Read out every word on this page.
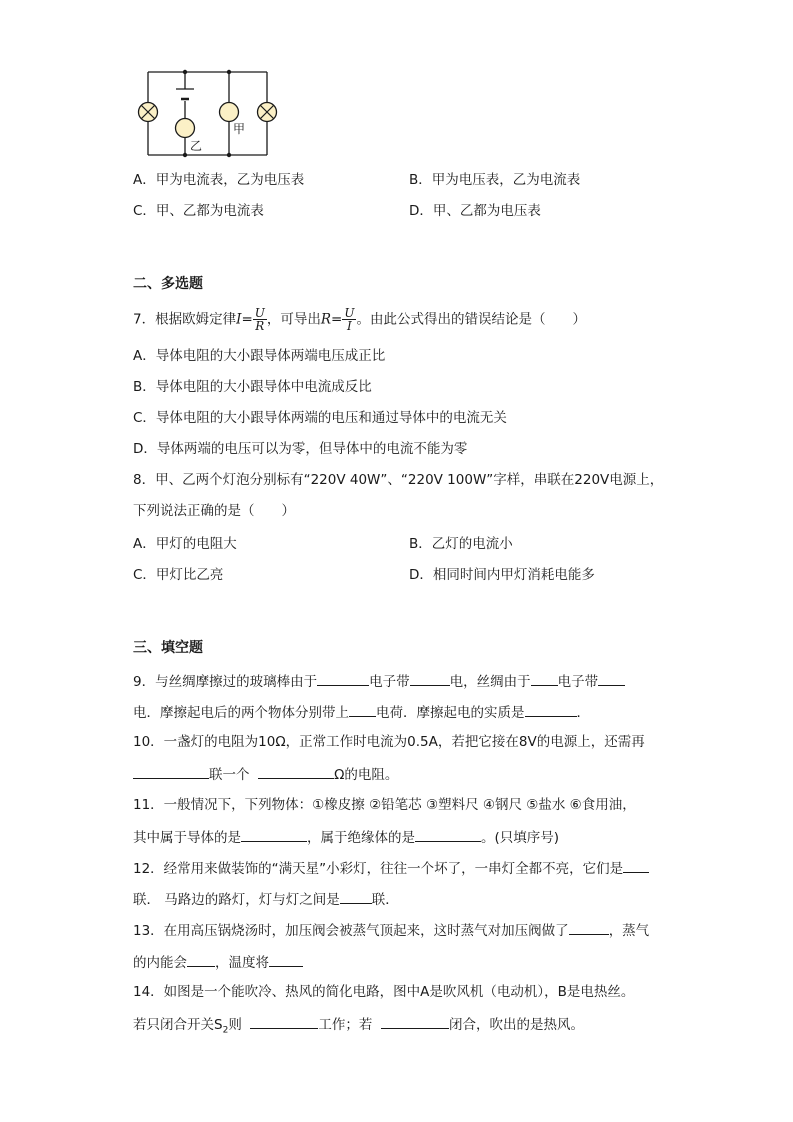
乙
甲
A．甲为电流表，乙为电压表	B．甲为电压表，乙为电流表
C．甲、乙都为电流表	D．甲、乙都为电压表
二、多选题
7．根据欧姆定律$I= \frac{U}{R}$ ，可导出$R= \frac{U}{I}$ 。由此公式得出的错误结论是（　　）
A．导体电阻的大小跟导体两端电压成正比
B．导体电阻的大小跟导体中电流成反比
C．导体电阻的大小跟导体两端的电压和通过导体中的电流无关
D．导体两端的电压可以为零，但导体中的电流不能为零
8．甲、乙两个灯泡分别标有“220V 40W”、“220V 100W”字样，串联在220V电源上，
下列说法正确的是（　　）
A．甲灯的电阻大	B．乙灯的电流小
C．甲灯比乙亮	D．相同时间内甲灯消耗电能多
三、填空题
9．与丝绸摩擦过的玻璃棒由于	电子带	电，丝绸由于 电子带
电．摩擦起电后的两个物体分别带上 电荷．摩擦起电的实质是	．
10．一盏灯的电阻为10Ω，正常工作时电流为0.5A，若把它接在8V的电源上，还需再
联一个	Ω的电阻。
11．一般情况下，下列物体：①橡皮擦 ②铅笔芯 ③塑料尺 ④钢尺 ⑤盐水 ⑥食用油，
其中属于导体的是	，属于绝缘体的是	。(只填序号)
12．经常用来做装饰的“满天星”小彩灯，往往一个坏了，一串灯全都不亮，它们是
联． 马路边的路灯，灯与灯之间是 联．
13．在用高压锅烧汤时，加压阀会被蒸气顶起来，这时蒸气对加压阀做了	，蒸气
的内能会 ，温度将
14．如图是一个能吹冷、热风的简化电路，图中A是吹风机（电动机），B是电热丝。
若只闭合开关$S_2$则	工作；若	闭合，吹出的是热风。
